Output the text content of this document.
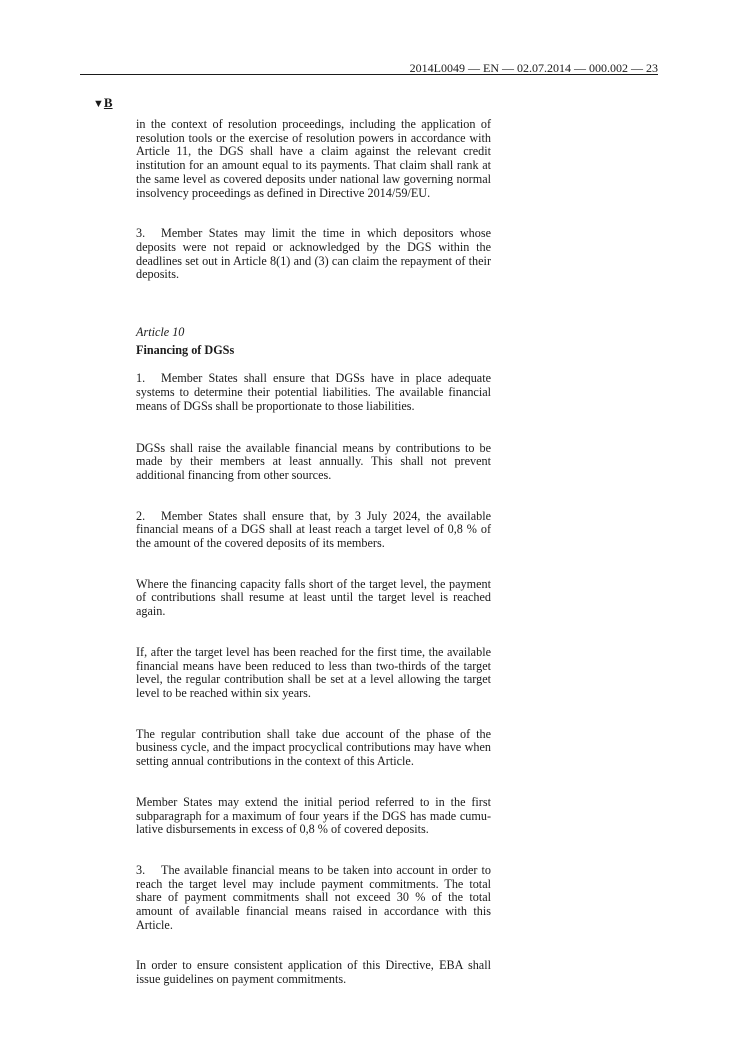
2014L0049 — EN — 02.07.2014 — 000.002 — 23
▼B

in the context of resolution proceedings, including the application of resolution tools or the exercise of resolution powers in accordance with Article 11, the DGS shall have a claim against the relevant credit institution for an amount equal to its payments. That claim shall rank at the same level as covered deposits under national law governing normal insolvency proceedings as defined in Directive 2014/59/EU.

3. Member States may limit the time in which depositors whose deposits were not repaid or acknowledged by the DGS within the deadlines set out in Article 8(1) and (3) can claim the repayment of their deposits.

Article 10

Financing of DGSs

1. Member States shall ensure that DGSs have in place adequate systems to determine their potential liabilities. The available financial means of DGSs shall be proportionate to those liabilities.

DGSs shall raise the available financial means by contributions to be made by their members at least annually. This shall not prevent additional financing from other sources.

2. Member States shall ensure that, by 3 July 2024, the available financial means of a DGS shall at least reach a target level of 0,8 % of the amount of the covered deposits of its members.

Where the financing capacity falls short of the target level, the payment of contributions shall resume at least until the target level is reached again.

If, after the target level has been reached for the first time, the available financial means have been reduced to less than two-thirds of the target level, the regular contribution shall be set at a level allowing the target level to be reached within six years.

The regular contribution shall take due account of the phase of the business cycle, and the impact procyclical contributions may have when setting annual contributions in the context of this Article.

Member States may extend the initial period referred to in the first subparagraph for a maximum of four years if the DGS has made cumulative disbursements in excess of 0,8 % of covered deposits.

3. The available financial means to be taken into account in order to reach the target level may include payment commitments. The total share of payment commitments shall not exceed 30 % of the total amount of available financial means raised in accordance with this Article.

In order to ensure consistent application of this Directive, EBA shall issue guidelines on payment commitments.
